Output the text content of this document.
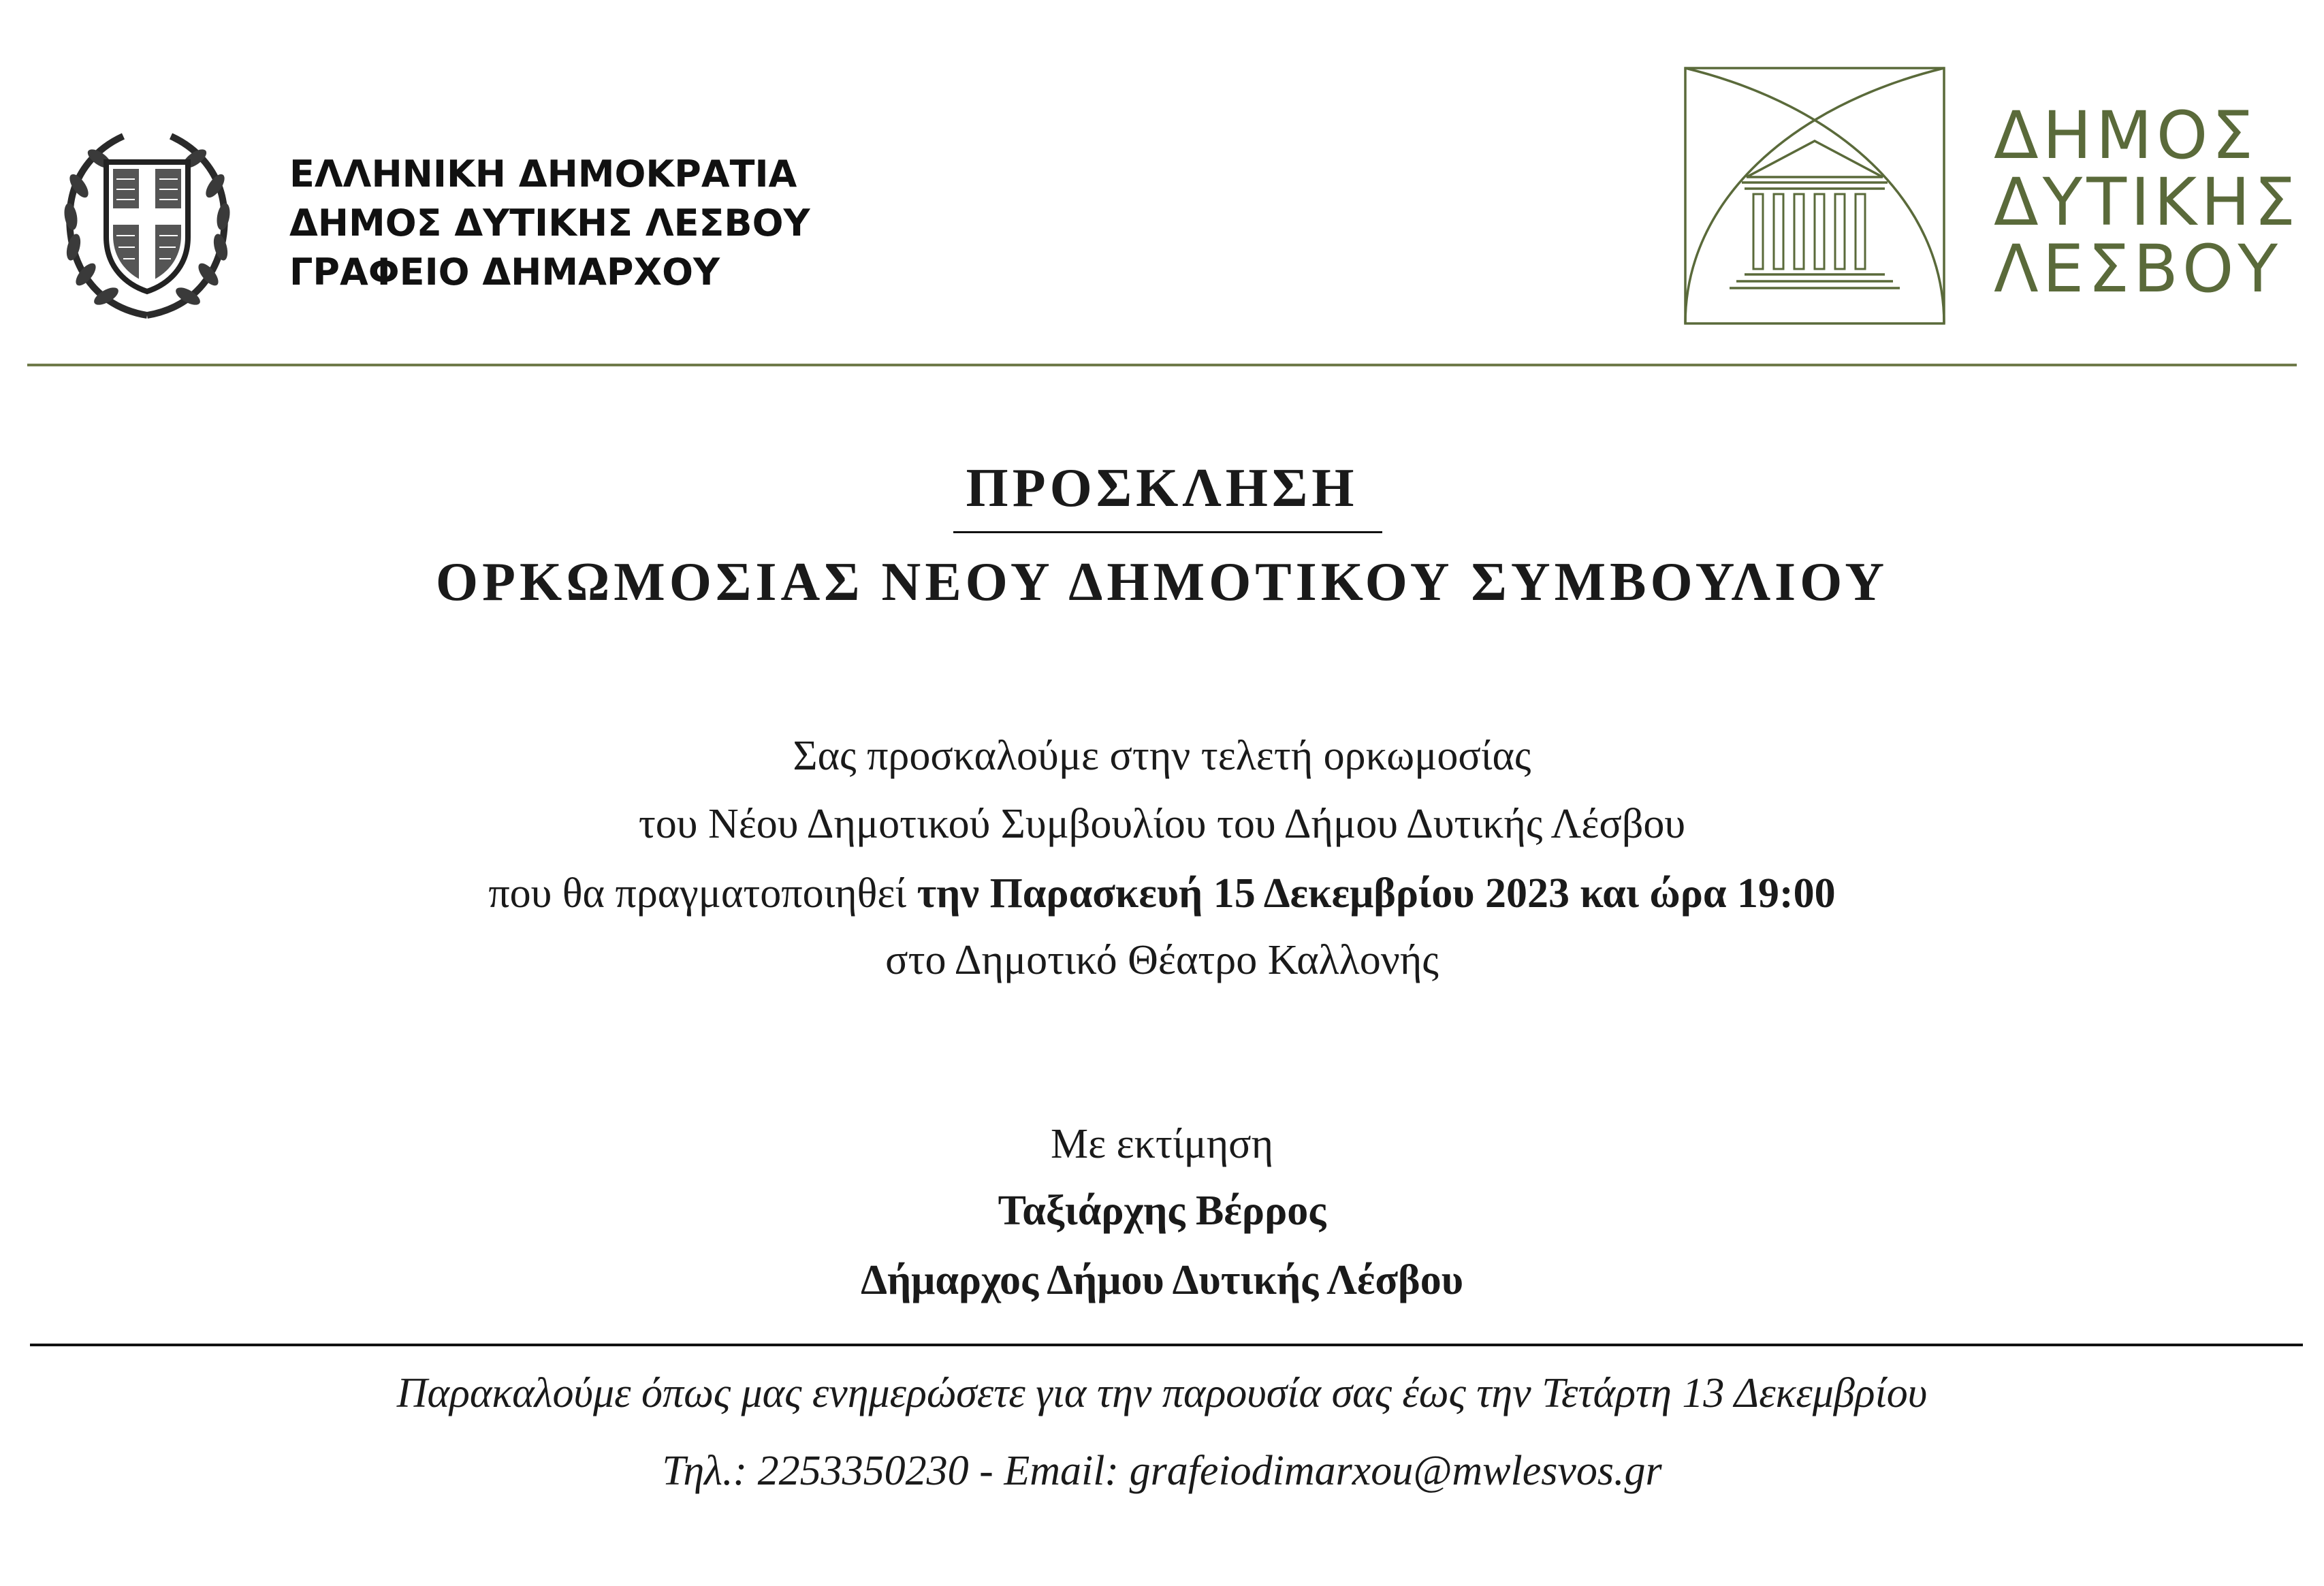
ΕΛΛΗΝΙΚΗ ΔΗΜΟΚΡΑΤΙΑ
ΔΗΜΟΣ ΔΥΤΙΚΗΣ ΛΕΣΒΟΥ
ΓΡΑΦΕΙΟ ΔΗΜΑΡΧΟΥ
ΔΗΜΟΣ
ΔΥΤΙΚΗΣ
ΛΕΣΒΟΥ
ΠΡΟΣΚΛΗΣΗ
ΟΡΚΩΜΟΣΙΑΣ ΝΕΟΥ ΔΗΜΟΤΙΚΟΥ ΣΥΜΒΟΥΛΙΟΥ
Σας προσκαλούμε στην τελετή ορκωμοσίας
του Νέου Δημοτικού Συμβουλίου του Δήμου Δυτικής Λέσβου
που θα πραγματοποιηθεί την Παρασκευή 15 Δεκεμβρίου 2023 και ώρα 19:00
στο Δημοτικό Θέατρο Καλλονής
Με εκτίμηση
Ταξιάρχης Βέρρος
Δήμαρχος Δήμου Δυτικής Λέσβου
Παρακαλούμε όπως μας ενημερώσετε για την παρουσία σας έως την Τετάρτη 13 Δεκεμβρίου
Τηλ.: 2253350230 - Email: grafeiodimarxou@mwlesvos.gr
